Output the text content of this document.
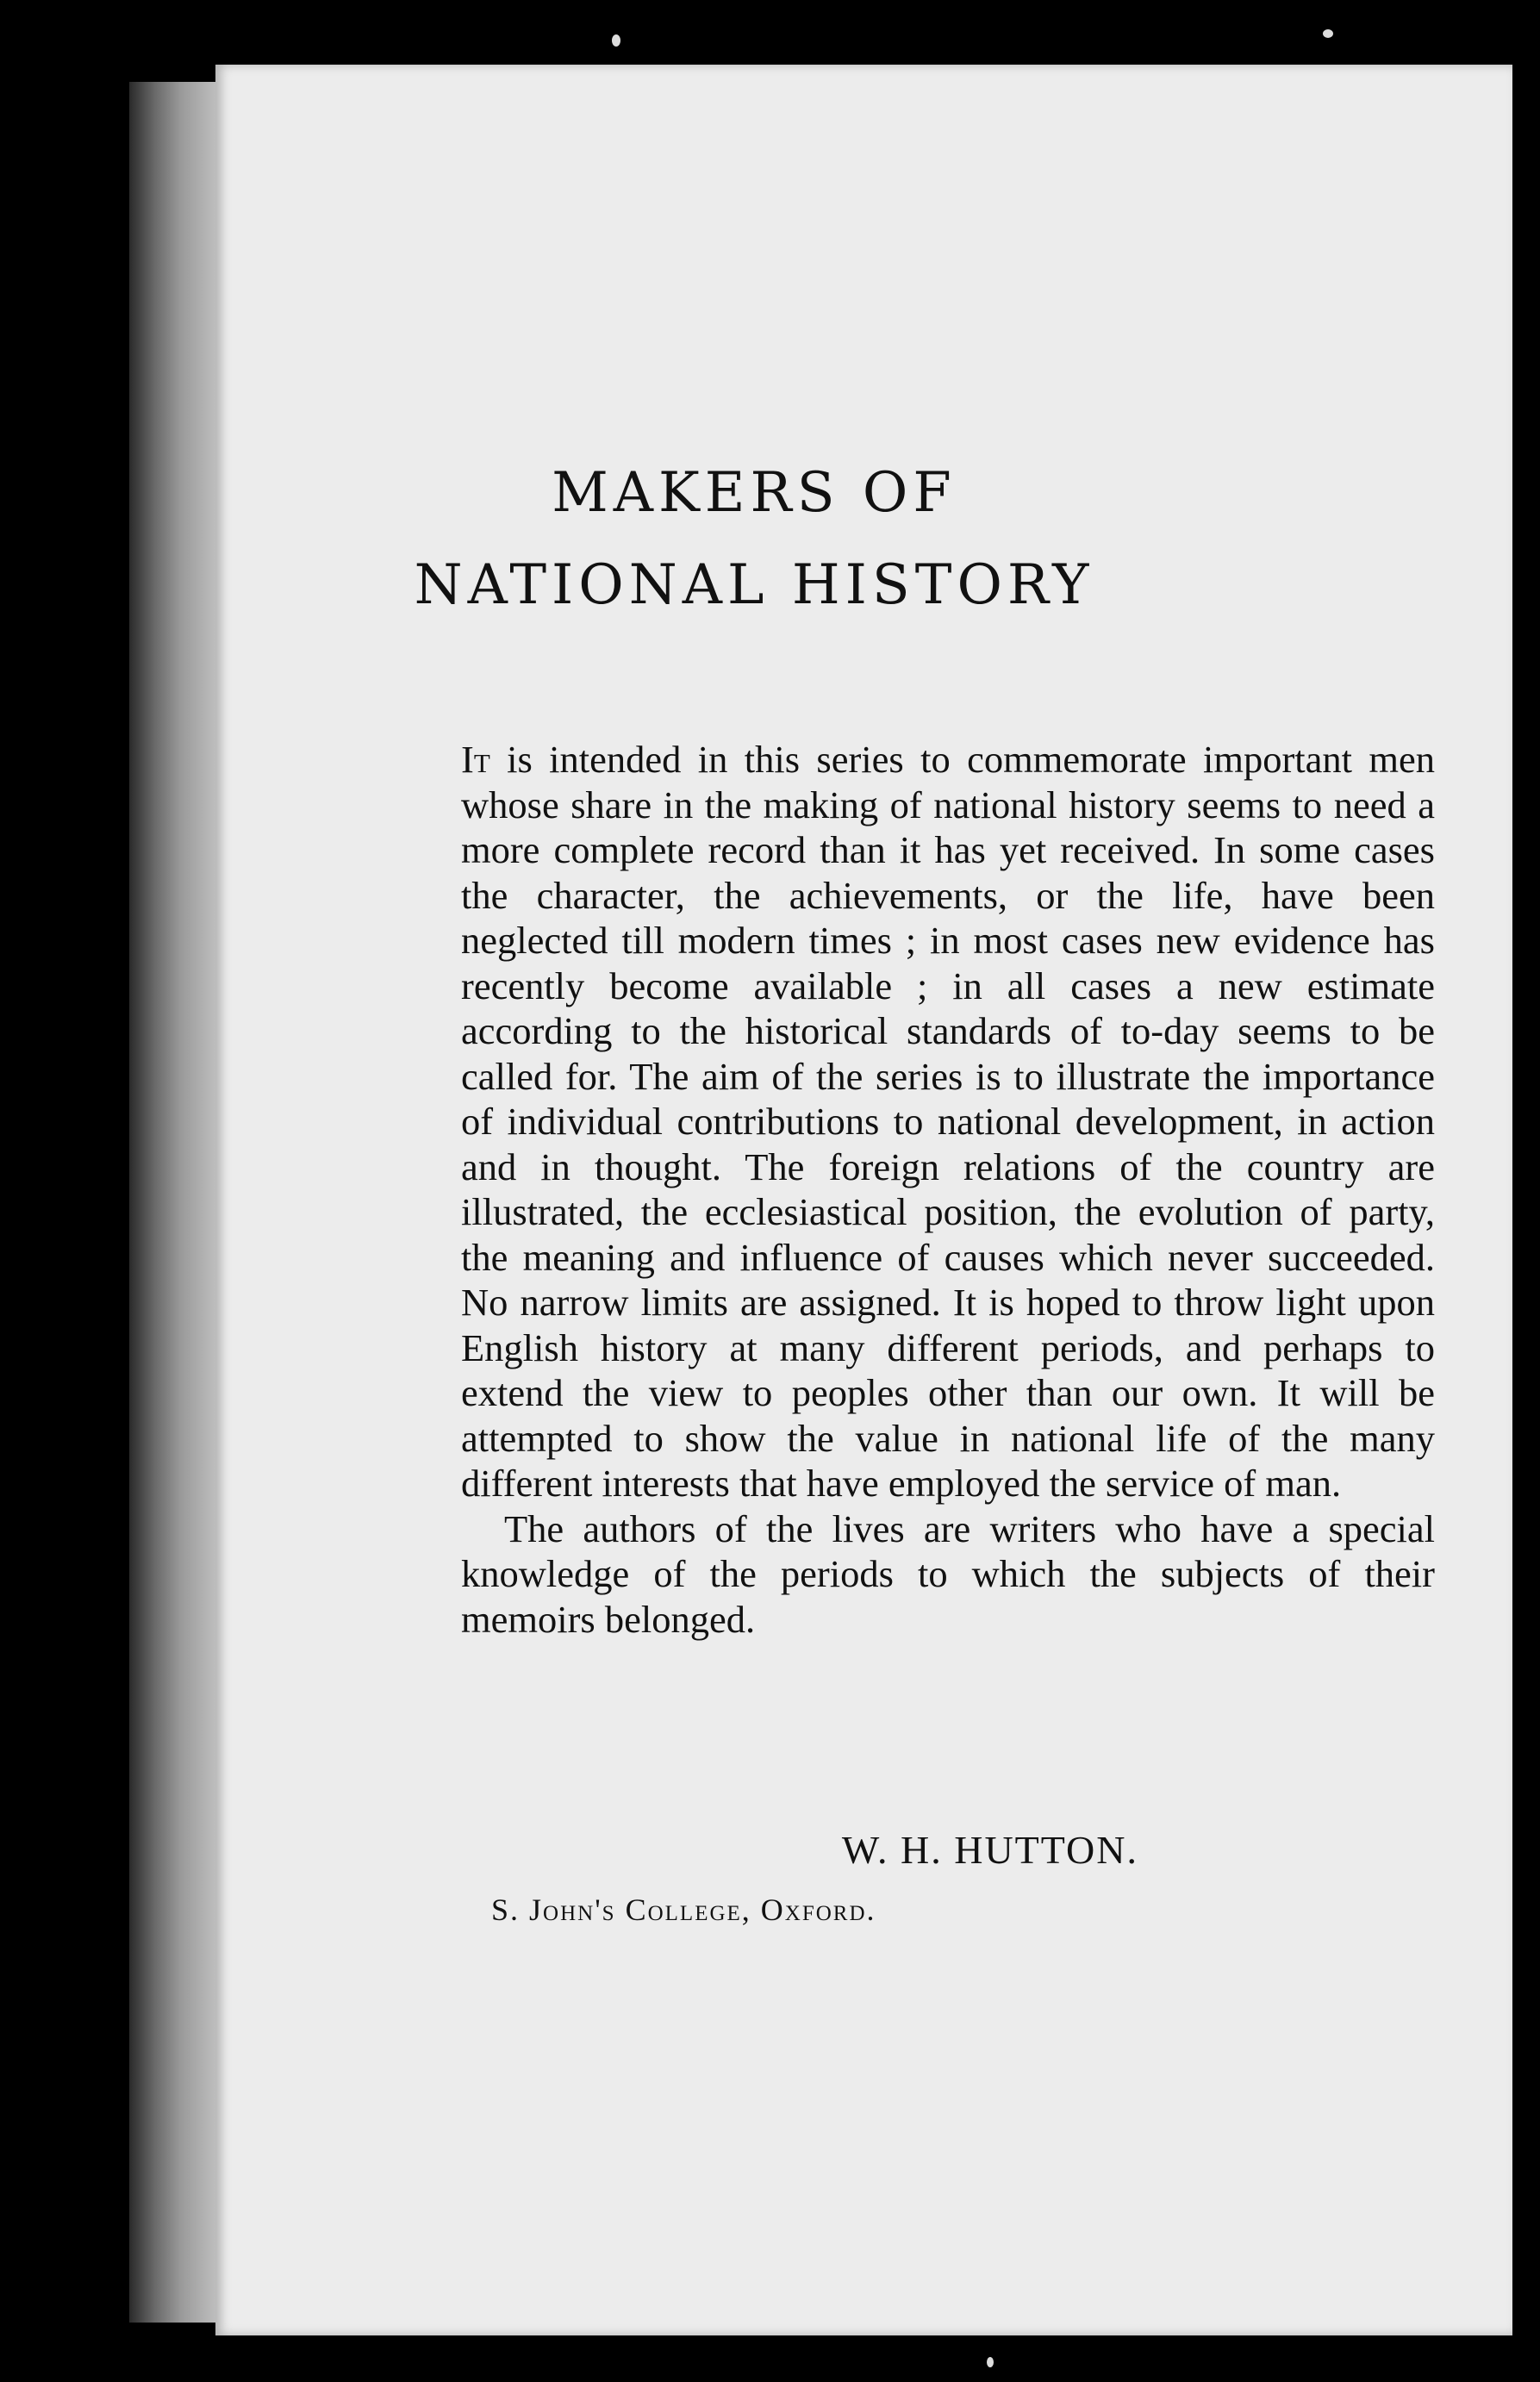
MAKERS OF
NATIONAL HISTORY

It is intended in this series to commemorate important men whose share in the making of national history seems to need a more complete record than it has yet received. In some cases the character, the achievements, or the life, have been neglected till modern times ; in most cases new evidence has recently become available ; in all cases a new estimate according to the historical standards of to-day seems to be called for. The aim of the series is to illustrate the importance of individual contributions to national development, in action and in thought. The foreign relations of the country are illustrated, the ecclesiastical position, the evolution of party, the meaning and influence of causes which never succeeded. No narrow limits are assigned. It is hoped to throw light upon English history at many different periods, and perhaps to extend the view to peoples other than our own. It will be attempted to show the value in national life of the many different interests that have employed the service of man.

The authors of the lives are writers who have a special knowledge of the periods to which the subjects of their memoirs belonged.

W. H. HUTTON.
S. John's College, Oxford.
